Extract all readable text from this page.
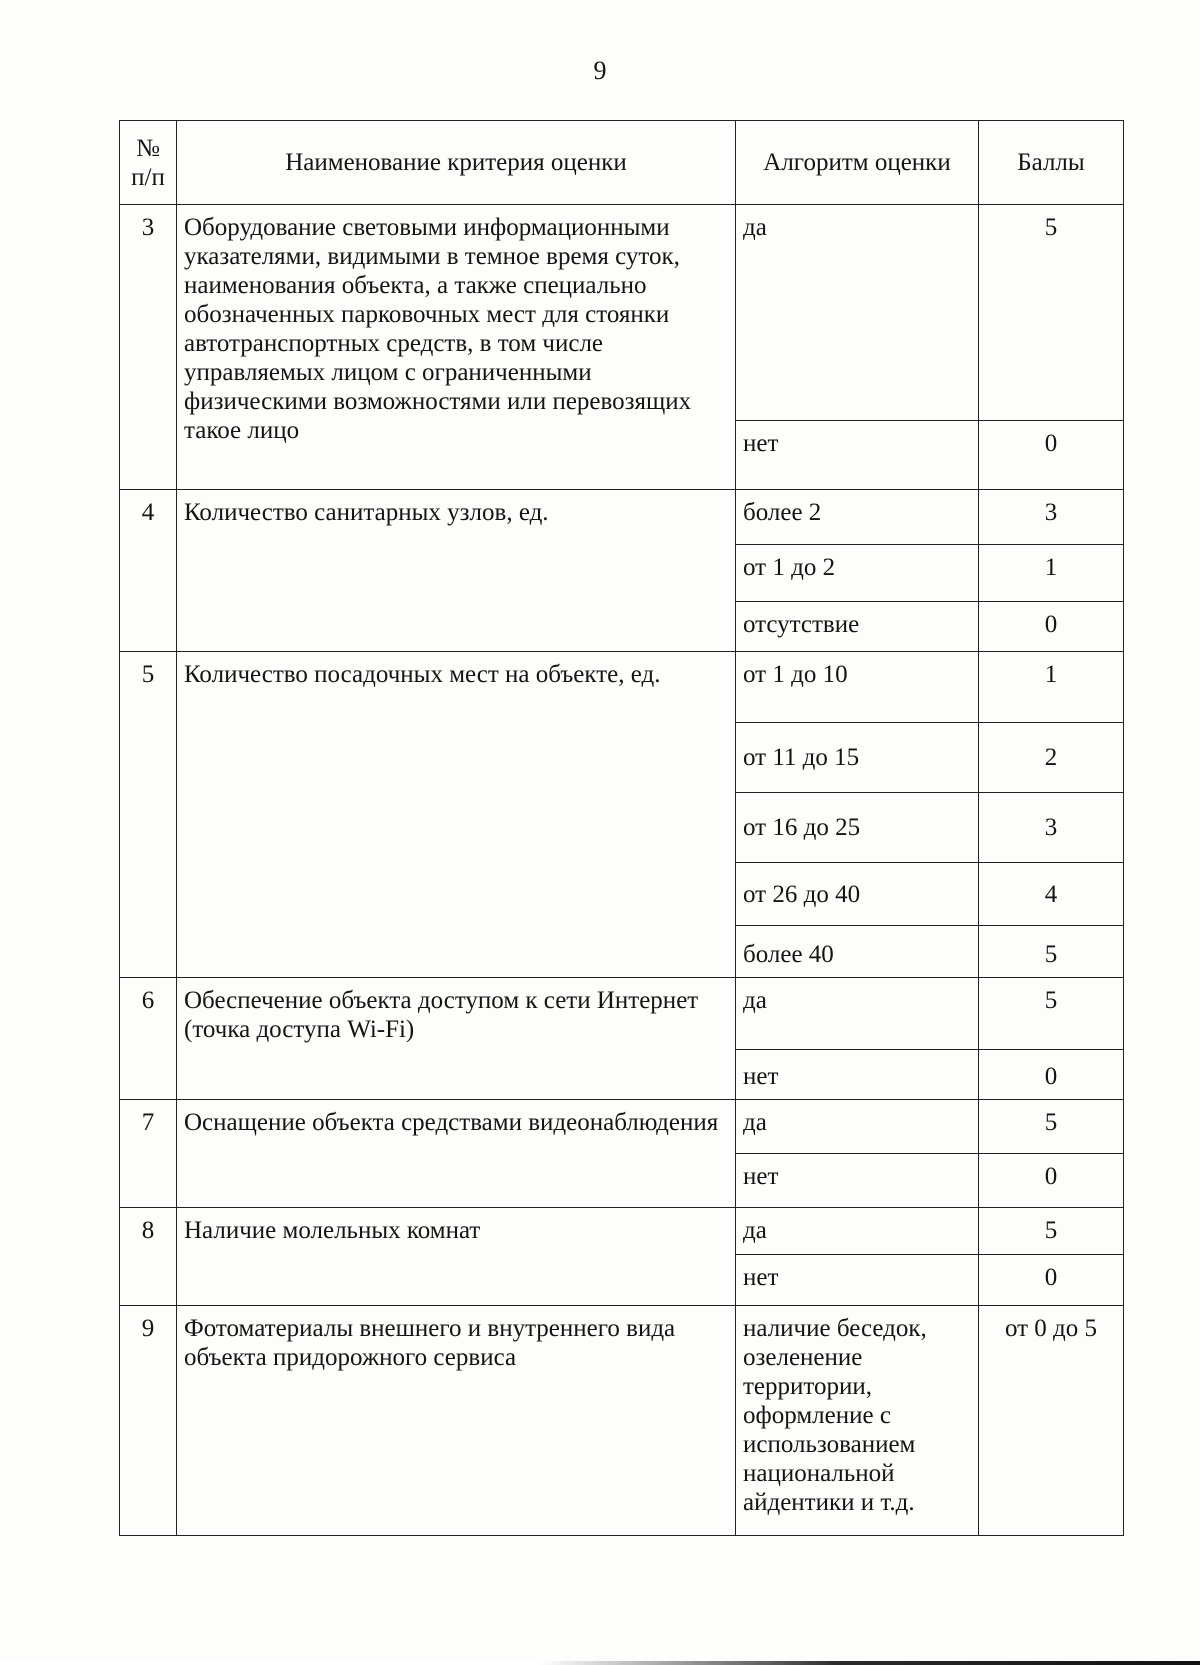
9
№ п/п	Наименование критерия оценки	Алгоритм оценки	Баллы
3	Оборудование световыми информационными указателями, видимыми в темное время суток, наименования объекта, а также специально обозначенных парковочных мест для стоянки автотранспортных средств, в том числе управляемых лицом с ограниченными физическими возможностями или перевозящих такое лицо	да	5
		нет	0
4	Количество санитарных узлов, ед.	более 2	3
		от 1 до 2	1
		отсутствие	0
5	Количество посадочных мест на объекте, ед.	от 1 до 10	1
		от 11 до 15	2
		от 16 до 25	3
		от 26 до 40	4
		более 40	5
6	Обеспечение объекта доступом к сети Интернет (точка доступа Wi-Fi)	да	5
		нет	0
7	Оснащение объекта средствами видеонаблюдения	да	5
		нет	0
8	Наличие молельных комнат	да	5
		нет	0
9	Фотоматериалы внешнего и внутреннего вида объекта придорожного сервиса	наличие беседок, озеленение территории, оформление с использованием национальной айдентики и т.д.	от 0 до 5
